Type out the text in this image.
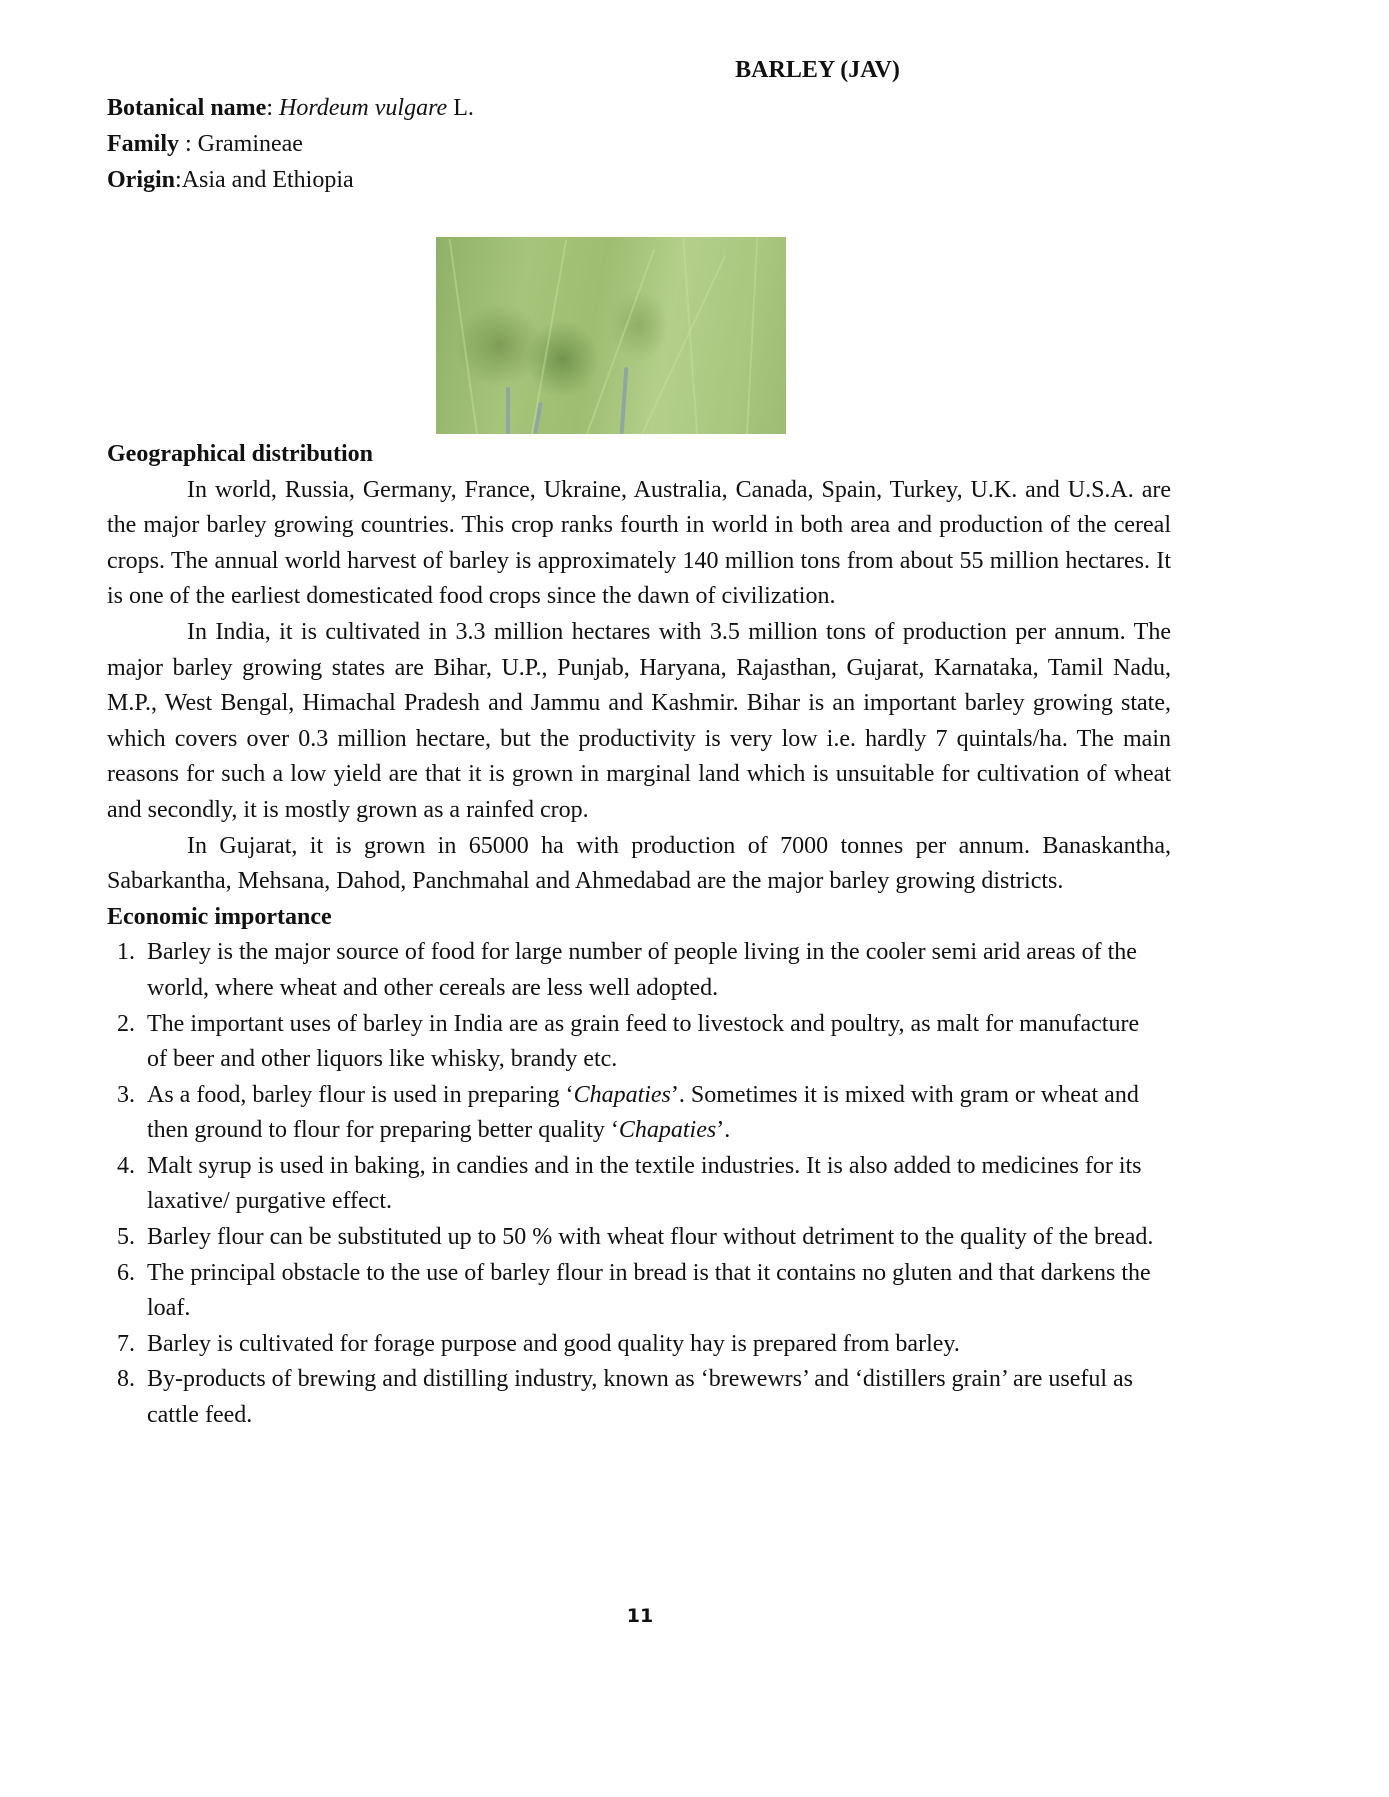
BARLEY (JAV)
Botanical name: Hordeum vulgare L.
Family : Gramineae
Origin:Asia and Ethiopia
Geographical distribution

In world, Russia, Germany, France, Ukraine, Australia, Canada, Spain, Turkey, U.K. and U.S.A. are the major barley growing countries. This crop ranks fourth in world in both area and production of the cereal crops. The annual world harvest of barley is approximately 140 million tons from about 55 million hectares. It is one of the earliest domesticated food crops since the dawn of civilization.

In India, it is cultivated in 3.3 million hectares with 3.5 million tons of production per annum. The major barley growing states are Bihar, U.P., Punjab, Haryana, Rajasthan, Gujarat, Karnataka, Tamil Nadu, M.P., West Bengal, Himachal Pradesh and Jammu and Kashmir. Bihar is an important barley growing state, which covers over 0.3 million hectare, but the productivity is very low i.e. hardly 7 quintals/ha. The main reasons for such a low yield are that it is grown in marginal land which is unsuitable for cultivation of wheat and secondly, it is mostly grown as a rainfed crop.

In Gujarat, it is grown in 65000 ha with production of 7000 tonnes per annum. Banaskantha, Sabarkantha, Mehsana, Dahod, Panchmahal and Ahmedabad are the major barley growing districts.

Economic importance
1. Barley is the major source of food for large number of people living in the cooler semi arid areas of the world, where wheat and other cereals are less well adopted.
2. The important uses of barley in India are as grain feed to livestock and poultry, as malt for manufacture of beer and other liquors like whisky, brandy etc.
3. As a food, barley flour is used in preparing ‘Chapaties’. Sometimes it is mixed with gram or wheat and then ground to flour for preparing better quality ‘Chapaties’.
4. Malt syrup is used in baking, in candies and in the textile industries. It is also added to medicines for its laxative/ purgative effect.
5. Barley flour can be substituted up to 50 % with wheat flour without detriment to the quality of the bread.
6. The principal obstacle to the use of barley flour in bread is that it contains no gluten and that darkens the loaf.
7. Barley is cultivated for forage purpose and good quality hay is prepared from barley.
8. By-products of brewing and distilling industry, known as ‘brewewrs’ and ‘distillers grain’ are useful as cattle feed.
11
